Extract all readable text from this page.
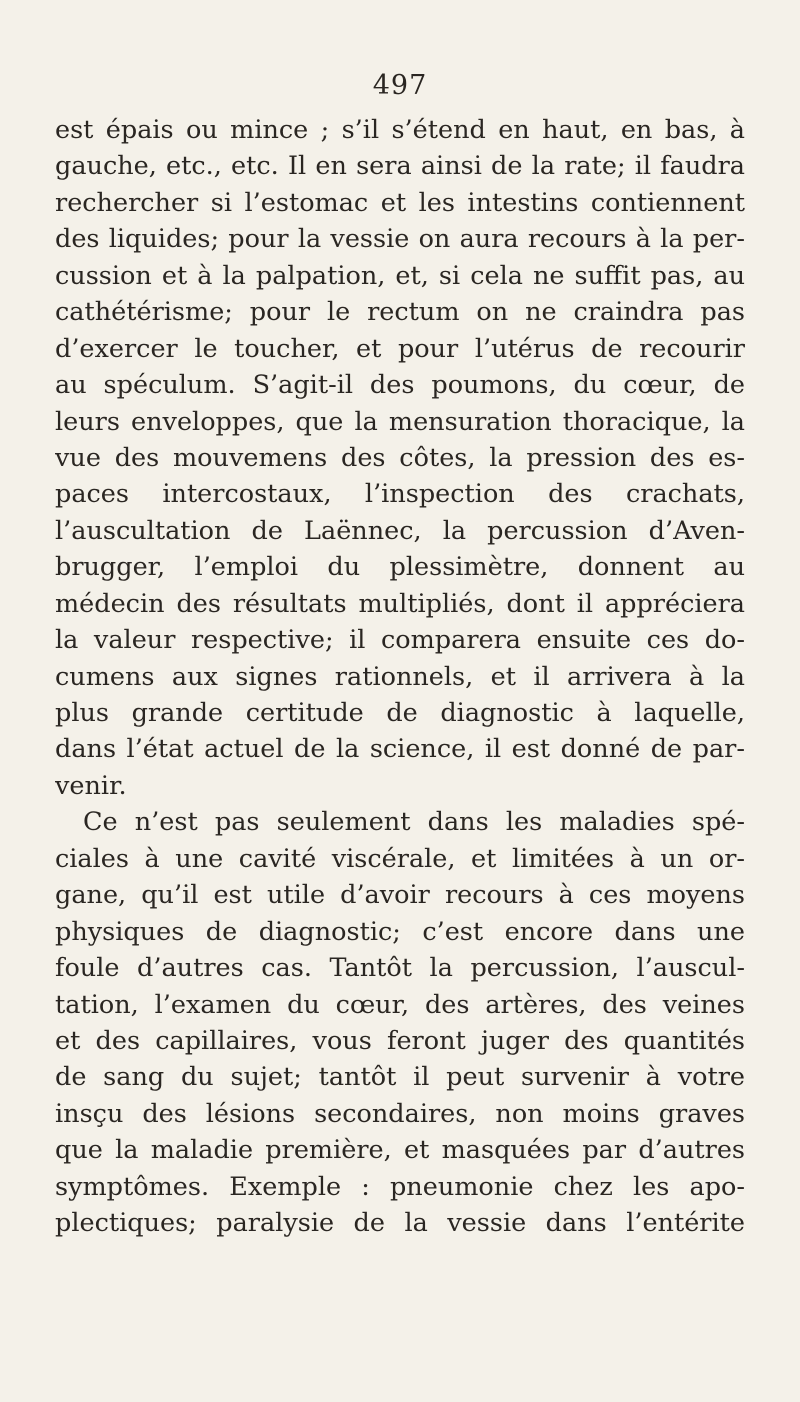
497
est épais ou mince ; s’il s’étend en haut, en bas, à
gauche, etc., etc. Il en sera ainsi de la rate; il faudra
rechercher si l’estomac et les intestins contiennent
des liquides; pour la vessie on aura recours à la per-
cussion et à la palpation, et, si cela ne suffit pas, au
cathétérisme; pour le rectum on ne craindra pas
d’exercer le toucher, et pour l’utérus de recourir
au spéculum. S’agit-il des poumons, du cœur, de
leurs enveloppes, que la mensuration thoracique, la
vue des mouvemens des côtes, la pression des es-
paces intercostaux, l’inspection des crachats,
l’auscultation de Laënnec, la percussion d’Aven-
brugger, l’emploi du plessimètre, donnent au
médecin des résultats multipliés, dont il appréciera
la valeur respective; il comparera ensuite ces do-
cumens aux signes rationnels, et il arrivera à la
plus grande certitude de diagnostic à laquelle,
dans l’état actuel de la science, il est donné de par-
venir.
Ce n’est pas seulement dans les maladies spé-
ciales à une cavité viscérale, et limitées à un or-
gane, qu’il est utile d’avoir recours à ces moyens
physiques de diagnostic; c’est encore dans une
foule d’autres cas. Tantôt la percussion, l’auscul-
tation, l’examen du cœur, des artères, des veines
et des capillaires, vous feront juger des quantités
de sang du sujet; tantôt il peut survenir à votre
insçu des lésions secondaires, non moins graves
que la maladie première, et masquées par d’autres
symptômes. Exemple : pneumonie chez les apo-
plectiques; paralysie de la vessie dans l’entérite
